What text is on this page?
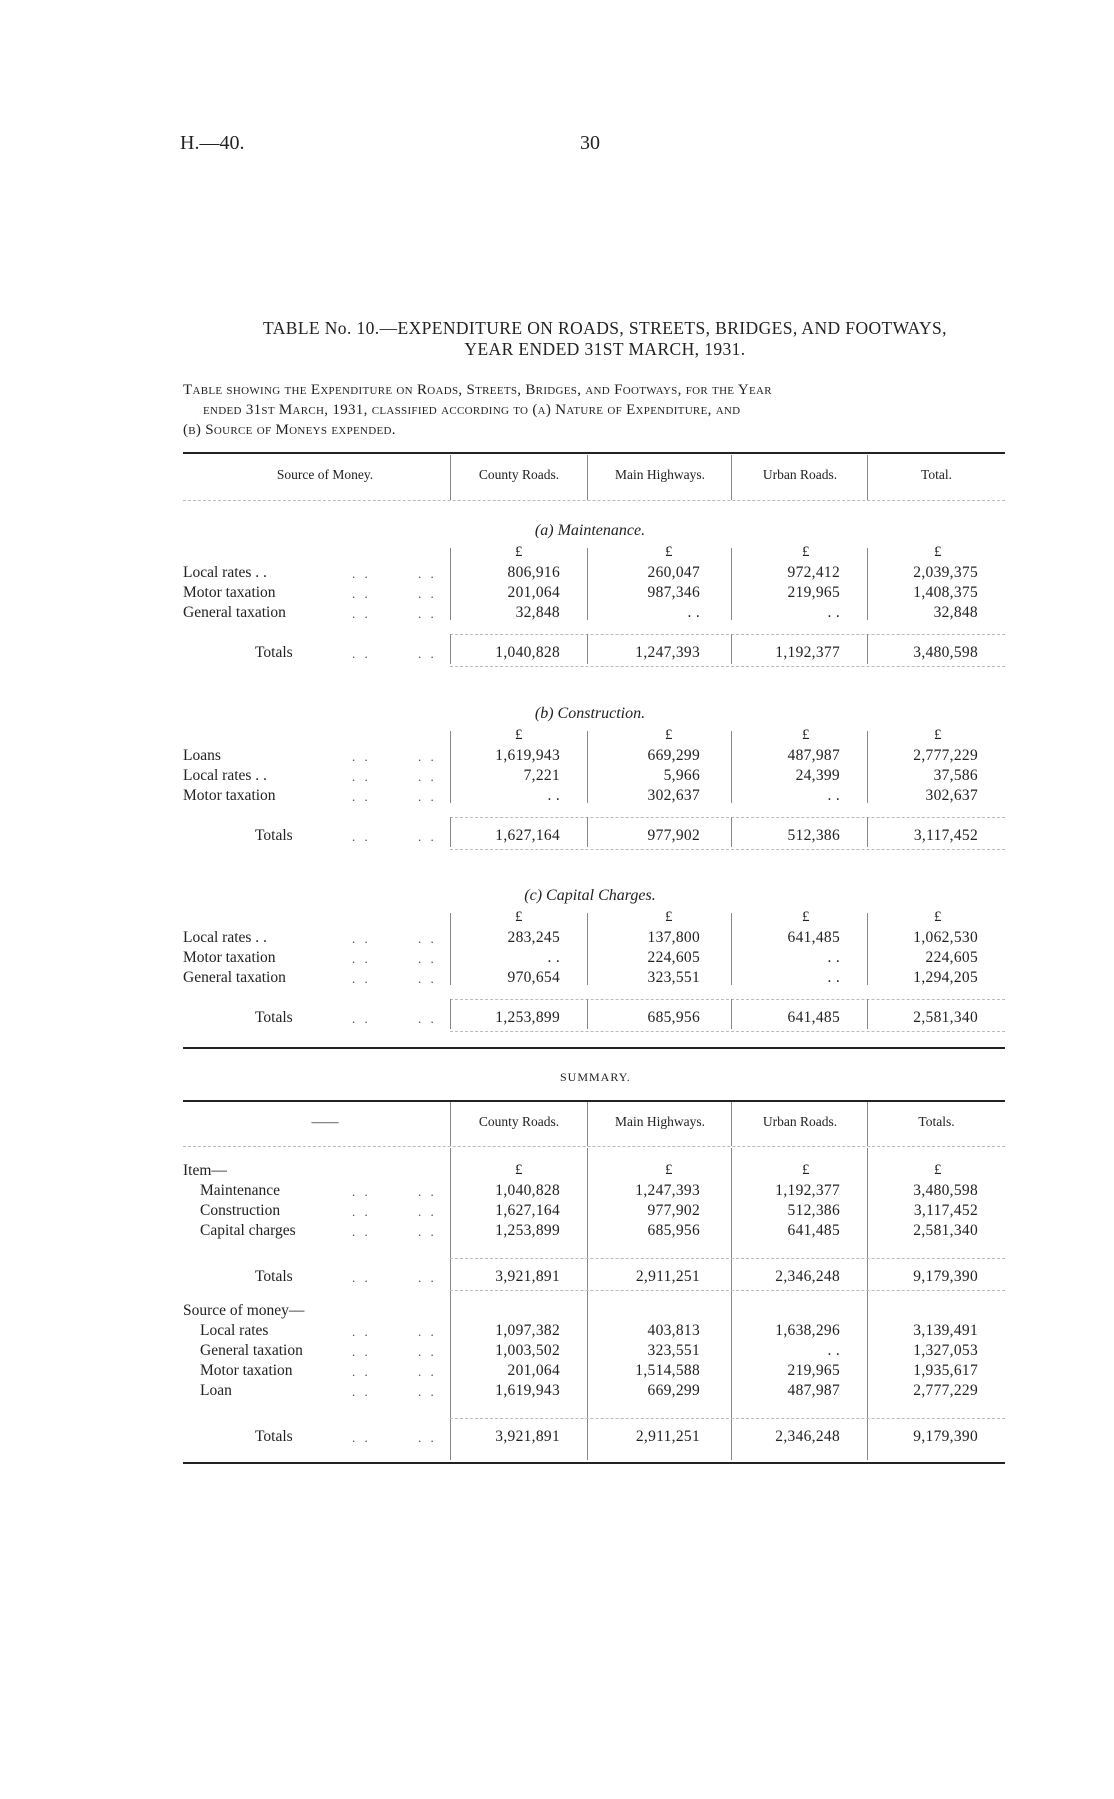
H.—40.	30
TABLE No. 10.—EXPENDITURE ON ROADS, STREETS, BRIDGES, AND FOOTWAYS,
YEAR ENDED 31ST MARCH, 1931.
Table showing the Expenditure on Roads, Streets, Bridges, and Footways, for the Year
ended 31st March, 1931, classified according to (a) Nature of Expenditure, and
(b) Source of Moneys expended.
Source of Money.	County Roads.	Main Highways.	Urban Roads.	Total.
(a) Maintenance.
£	£	£	£
Local rates . .	. .	. .	806,916	260,047	972,412	2,039,375
Motor taxation	. .	. .	201,064	987,346	219,965	1,408,375
General taxation	. .	. .	32,848	. .	. .	32,848
Totals	. .	. .	1,040,828	1,247,393	1,192,377	3,480,598
(b) Construction.
£	£	£	£
Loans	. .	. .	1,619,943	669,299	487,987	2,777,229
Local rates . .	. .	. .	7,221	5,966	24,399	37,586
Motor taxation	. .	. .	. .	302,637	. .	302,637
Totals	. .	. .	1,627,164	977,902	512,386	3,117,452
(c) Capital Charges.
£	£	£	£
Local rates . .	. .	. .	283,245	137,800	641,485	1,062,530
Motor taxation	. .	. .	. .	224,605	. .	224,605
General taxation	. .	. .	970,654	323,551	. .	1,294,205
Totals	. .	. .	1,253,899	685,956	641,485	2,581,340
SUMMARY.
——	County Roads.	Main Highways.	Urban Roads.	Totals.
Item—	£	£	£	£
Maintenance	. .	. .	1,040,828	1,247,393	1,192,377	3,480,598
Construction	. .	. .	1,627,164	977,902	512,386	3,117,452
Capital charges	. .	. .	1,253,899	685,956	641,485	2,581,340
Totals	. .	. .	3,921,891	2,911,251	2,346,248	9,179,390
Source of money—
Local rates	. .	. .	1,097,382	403,813	1,638,296	3,139,491
General taxation	. .	. .	1,003,502	323,551	. .	1,327,053
Motor taxation	. .	. .	201,064	1,514,588	219,965	1,935,617
Loan	. .	. .	1,619,943	669,299	487,987	2,777,229
Totals	. .	. .	3,921,891	2,911,251	2,346,248	9,179,390
